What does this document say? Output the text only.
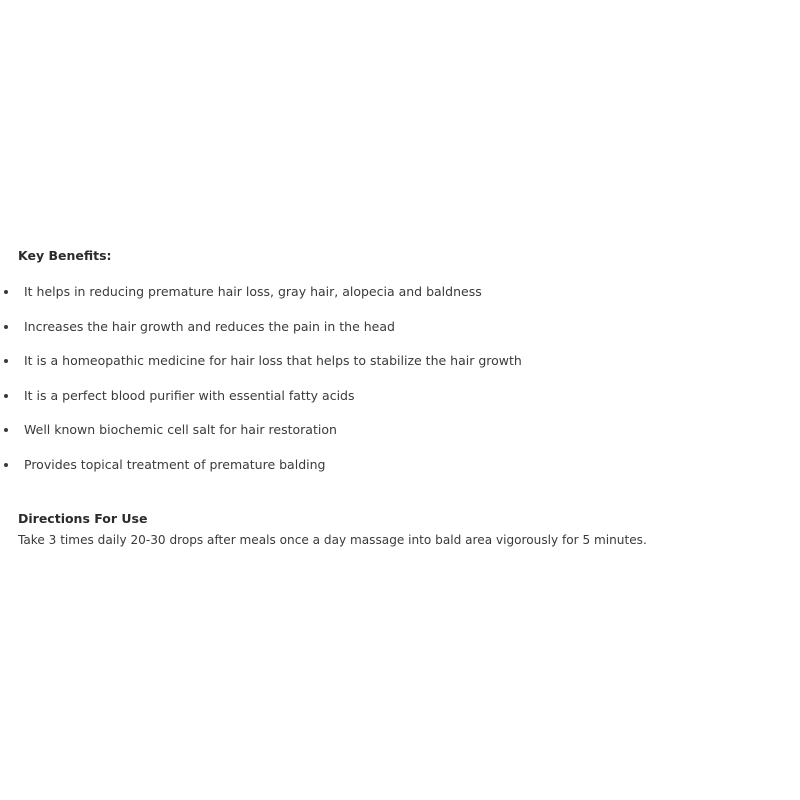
Key Benefits:
It helps in reducing premature hair loss, gray hair, alopecia and baldness
Increases the hair growth and reduces the pain in the head
It is a homeopathic medicine for hair loss that helps to stabilize the hair growth
It is a perfect blood purifier with essential fatty acids
Well known biochemic cell salt for hair restoration
Provides topical treatment of premature balding
Directions For Use

Take 3 times daily 20-30 drops after meals once a day massage into bald area vigorously for 5 minutes.
